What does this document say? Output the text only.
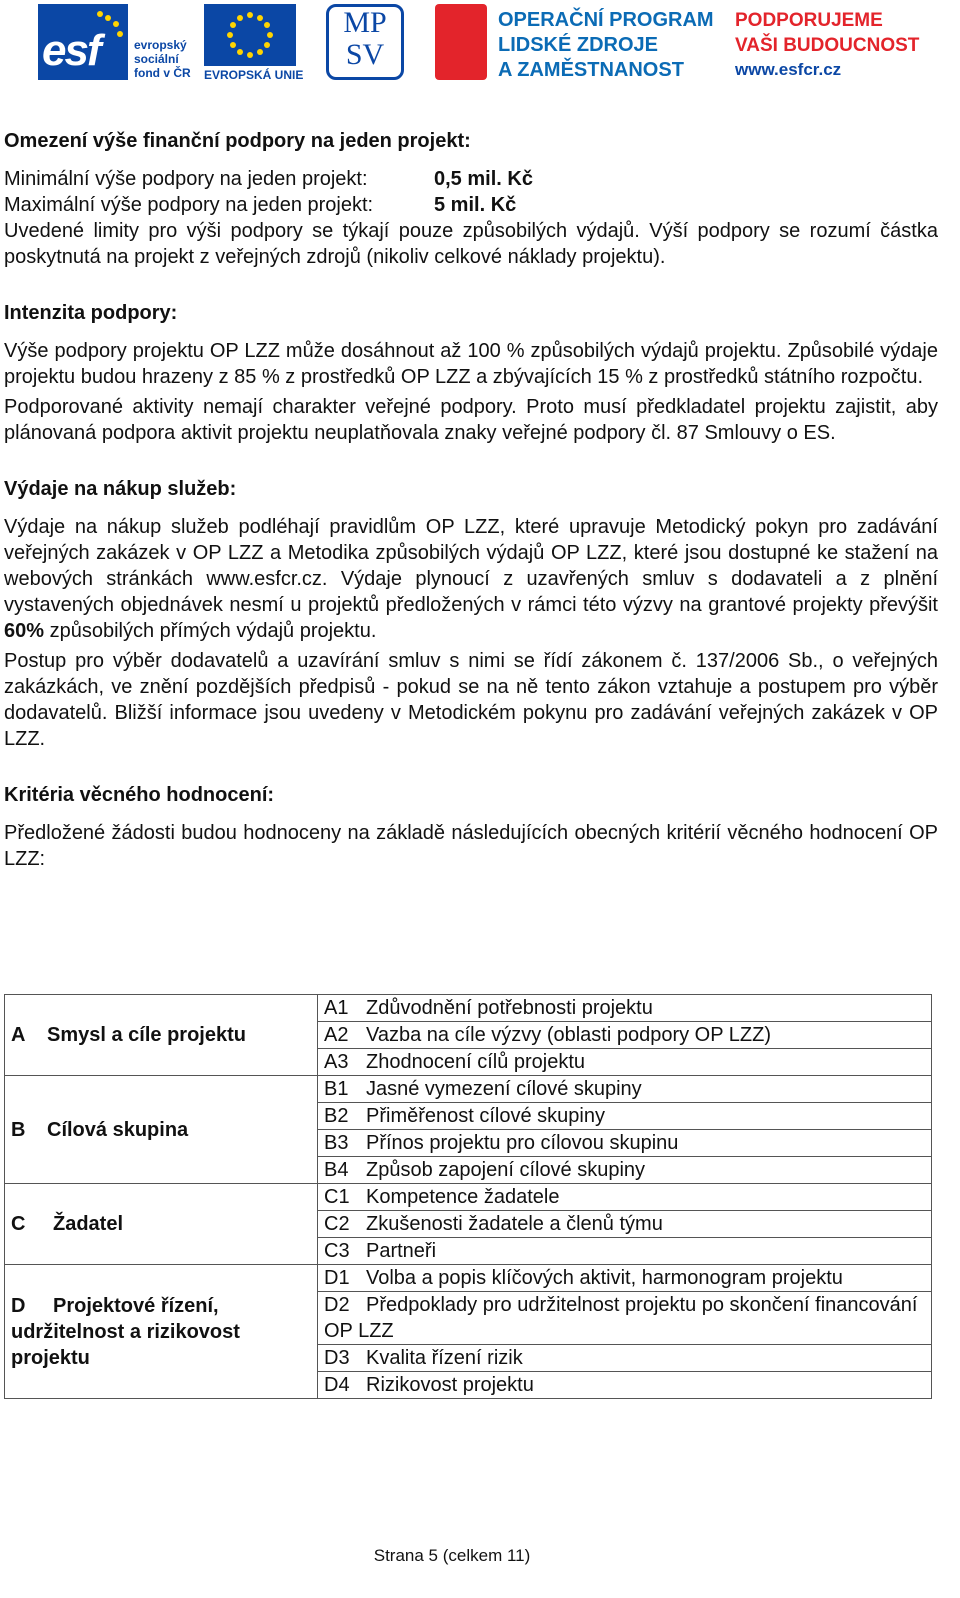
esf	evropský
sociální
fond v ČR EVROPSKÁ UNIE
MP
SV
OPERAČNÍ PROGRAM
LIDSKÉ ZDROJE
A ZAMĚSTNANOST
PODPORUJEME
VAŠI BUDOUCNOST
www.esfcr.cz

Omezení výše finanční podpory na jeden projekt:

Minimální výše podpory na jeden projekt:	0,5 mil. Kč
Maximální výše podpory na jeden projekt:	5 mil. Kč

Uvedené limity pro výši podpory se týkají pouze způsobilých výdajů. Výší podpory se rozumí částka poskytnutá na projekt z veřejných zdrojů (nikoliv celkové náklady projektu).

Intenzita podpory:

Výše podpory projektu OP LZZ může dosáhnout až 100 % způsobilých výdajů projektu. Způsobilé výdaje projektu budou hrazeny z 85 % z prostředků OP LZZ a zbývajících 15 % z prostředků státního rozpočtu.

Podporované aktivity nemají charakter veřejné podpory. Proto musí předkladatel projektu zajistit, aby plánovaná podpora aktivit projektu neuplatňovala znaky veřejné podpory čl. 87 Smlouvy o ES.

Výdaje na nákup služeb:

Výdaje na nákup služeb podléhají pravidlům OP LZZ, které upravuje Metodický pokyn pro zadávání veřejných zakázek v OP LZZ a Metodika způsobilých výdajů OP LZZ, které jsou dostupné ke stažení na webových stránkách www.esfcr.cz. Výdaje plynoucí z uzavřených smluv s dodavateli a z plnění vystavených objednávek nesmí u projektů předložených v rámci této výzvy na grantové projekty převýšit 60% způsobilých přímých výdajů projektu.

Postup pro výběr dodavatelů a uzavírání smluv s nimi se řídí zákonem č. 137/2006 Sb., o veřejných zakázkách, ve znění pozdějších předpisů - pokud se na ně tento zákon vztahuje a postupem pro výběr dodavatelů. Bližší informace jsou uvedeny v Metodickém pokynu pro zadávání veřejných zakázek v OP LZZ.

Kritéria věcného hodnocení:

Předložené žádosti budou hodnoceny na základě následujících obecných kritérií věcného hodnocení OP LZZ:

A Smysl a cíle projektu	A1 Zdůvodnění potřebnosti projektu
	A2 Vazba na cíle výzvy (oblasti podpory OP LZZ)
	A3 Zhodnocení cílů projektu
B Cílová skupina	B1 Jasné vymezení cílové skupiny
	B2 Přiměřenost cílové skupiny
	B3 Přínos projektu pro cílovou skupinu
	B4 Způsob zapojení cílové skupiny
C Žadatel	C1 Kompetence žadatele
	C2 Zkušenosti žadatele a členů týmu
	C3 Partneři
D Projektové řízení, udržitelnost a rizikovost projektu	D1 Volba a popis klíčových aktivit, harmonogram projektu
	D2 Předpoklady pro udržitelnost projektu po skončení financování OP LZZ
	D3 Kvalita řízení rizik
	D4 Rizikovost projektu
Strana 5 (celkem 11)
